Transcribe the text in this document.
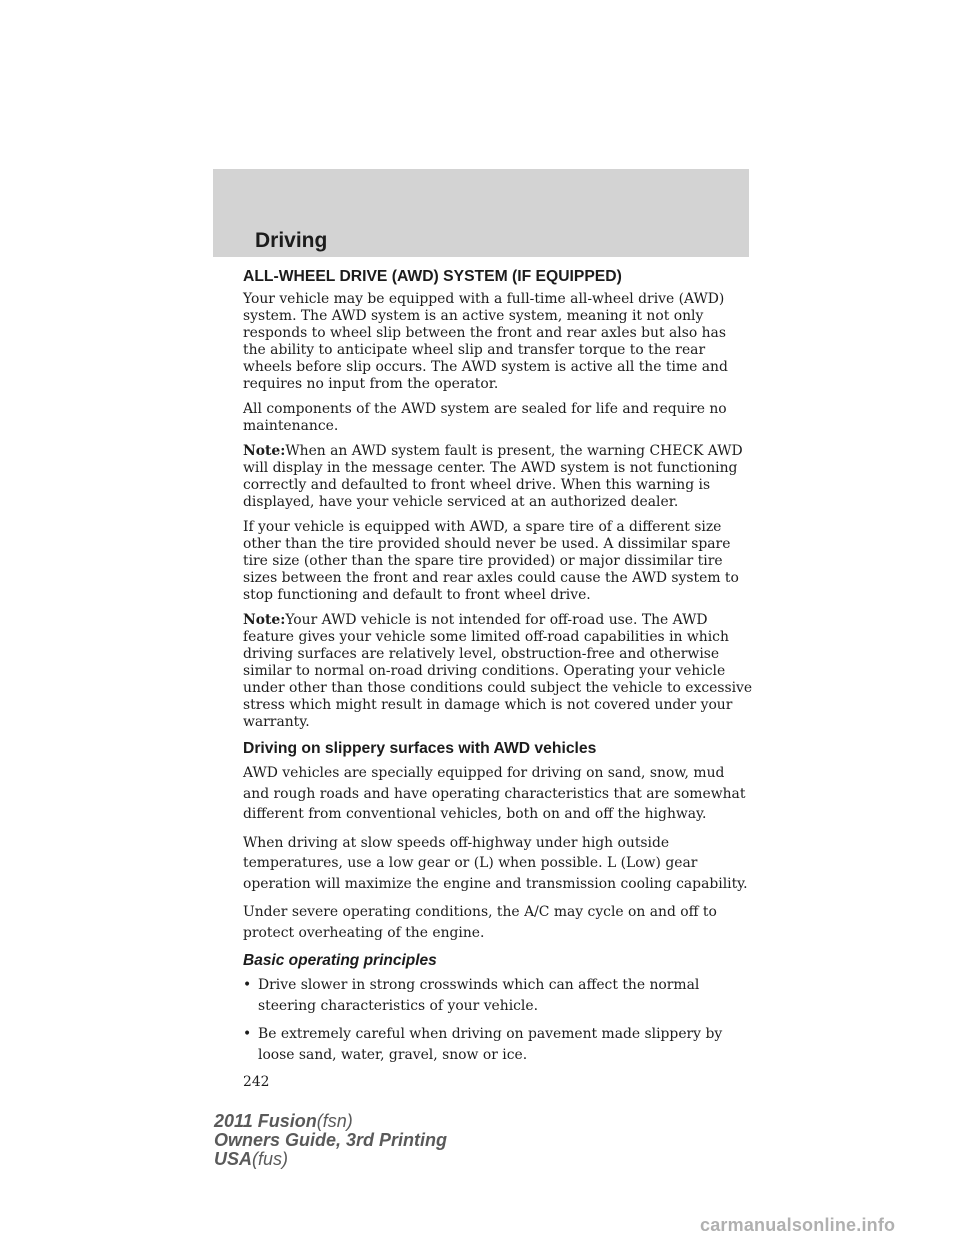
Driving
ALL-WHEEL DRIVE (AWD) SYSTEM (IF EQUIPPED)

Your vehicle may be equipped with a full-time all-wheel drive (AWD) system. The AWD system is an active system, meaning it not only responds to wheel slip between the front and rear axles but also has the ability to anticipate wheel slip and transfer torque to the rear wheels before slip occurs. The AWD system is active all the time and requires no input from the operator.

All components of the AWD system are sealed for life and require no maintenance.

Note:When an AWD system fault is present, the warning CHECK AWD will display in the message center. The AWD system is not functioning correctly and defaulted to front wheel drive. When this warning is displayed, have your vehicle serviced at an authorized dealer.

If your vehicle is equipped with AWD, a spare tire of a different size other than the tire provided should never be used. A dissimilar spare tire size (other than the spare tire provided) or major dissimilar tire sizes between the front and rear axles could cause the AWD system to stop functioning and default to front wheel drive.

Note:Your AWD vehicle is not intended for off-road use. The AWD feature gives your vehicle some limited off-road capabilities in which driving surfaces are relatively level, obstruction-free and otherwise similar to normal on-road driving conditions. Operating your vehicle under other than those conditions could subject the vehicle to excessive stress which might result in damage which is not covered under your warranty.

Driving on slippery surfaces with AWD vehicles

AWD vehicles are specially equipped for driving on sand, snow, mud and rough roads and have operating characteristics that are somewhat different from conventional vehicles, both on and off the highway.

When driving at slow speeds off-highway under high outside temperatures, use a low gear or (L) when possible. L (Low) gear operation will maximize the engine and transmission cooling capability.

Under severe operating conditions, the A/C may cycle on and off to protect overheating of the engine.

Basic operating principles
• Drive slower in strong crosswinds which can affect the normal steering characteristics of your vehicle.
• Be extremely careful when driving on pavement made slippery by loose sand, water, gravel, snow or ice.

242

2011 Fusion(fsn)
Owners Guide, 3rd Printing
USA(fus)
carmanualsonline.info
